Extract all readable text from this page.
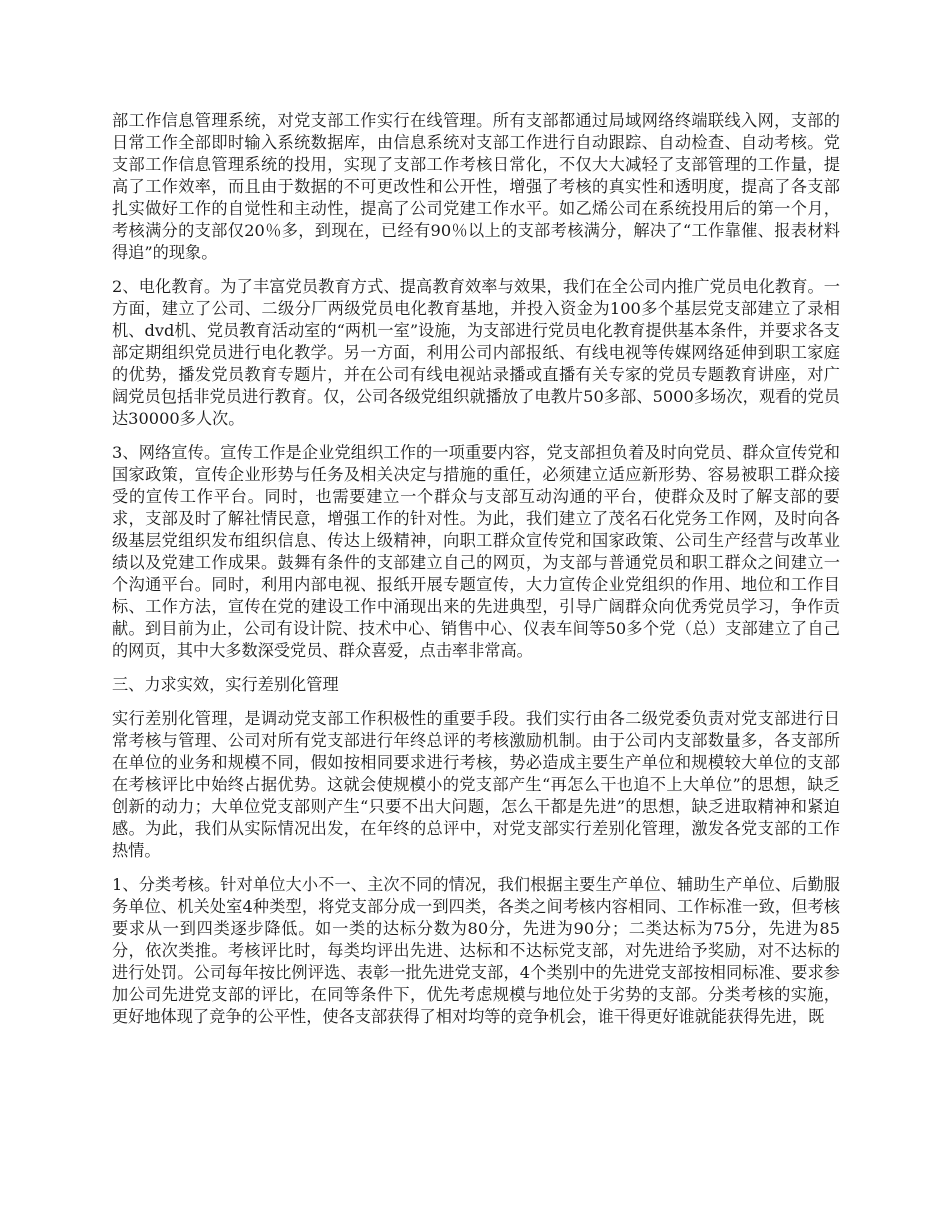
部工作信息管理系统，对党支部工作实行在线管理。所有支部都通过局域网络终端联线入网，支部的日常工作全部即时输入系统数据库，由信息系统对支部工作进行自动跟踪、自动检查、自动考核。党支部工作信息管理系统的投用，实现了支部工作考核日常化，不仅大大减轻了支部管理的工作量，提高了工作效率，而且由于数据的不可更改性和公开性，增强了考核的真实性和透明度，提高了各支部扎实做好工作的自觉性和主动性，提高了公司党建工作水平。如乙烯公司在系统投用后的第一个月，考核满分的支部仅20％多，到现在，已经有90％以上的支部考核满分，解决了“工作靠催、报表材料得追”的现象。

2、电化教育。为了丰富党员教育方式、提高教育效率与效果，我们在全公司内推广党员电化教育。一方面，建立了公司、二级分厂两级党员电化教育基地，并投入资金为100多个基层党支部建立了录相机、dvd机、党员教育活动室的“两机一室”设施，为支部进行党员电化教育提供基本条件，并要求各支部定期组织党员进行电化教学。另一方面，利用公司内部报纸、有线电视等传媒网络延伸到职工家庭的优势，播发党员教育专题片，并在公司有线电视站录播或直播有关专家的党员专题教育讲座，对广阔党员包括非党员进行教育。仅，公司各级党组织就播放了电教片50多部、5000多场次，观看的党员达30000多人次。

3、网络宣传。宣传工作是企业党组织工作的一项重要内容，党支部担负着及时向党员、群众宣传党和国家政策，宣传企业形势与任务及相关决定与措施的重任，必须建立适应新形势、容易被职工群众接受的宣传工作平台。同时，也需要建立一个群众与支部互动沟通的平台，使群众及时了解支部的要求，支部及时了解社情民意，增强工作的针对性。为此，我们建立了茂名石化党务工作网，及时向各级基层党组织发布组织信息、传达上级精神，向职工群众宣传党和国家政策、公司生产经营与改革业绩以及党建工作成果。鼓舞有条件的支部建立自己的网页，为支部与普通党员和职工群众之间建立一个沟通平台。同时，利用内部电视、报纸开展专题宣传，大力宣传企业党组织的作用、地位和工作目标、工作方法，宣传在党的建设工作中涌现出来的先进典型，引导广阔群众向优秀党员学习，争作贡献。到目前为止，公司有设计院、技术中心、销售中心、仪表车间等50多个党（总）支部建立了自己的网页，其中大多数深受党员、群众喜爱，点击率非常高。

三、力求实效，实行差别化管理

实行差别化管理，是调动党支部工作积极性的重要手段。我们实行由各二级党委负责对党支部进行日常考核与管理、公司对所有党支部进行年终总评的考核激励机制。由于公司内支部数量多，各支部所在单位的业务和规模不同，假如按相同要求进行考核，势必造成主要生产单位和规模较大单位的支部在考核评比中始终占据优势。这就会使规模小的党支部产生“再怎么干也追不上大单位”的思想，缺乏创新的动力；大单位党支部则产生“只要不出大问题，怎么干都是先进”的思想，缺乏进取精神和紧迫感。为此，我们从实际情况出发，在年终的总评中，对党支部实行差别化管理，激发各党支部的工作热情。

1、分类考核。针对单位大小不一、主次不同的情况，我们根据主要生产单位、辅助生产单位、后勤服务单位、机关处室4种类型，将党支部分成一到四类，各类之间考核内容相同、工作标准一致，但考核要求从一到四类逐步降低。如一类的达标分数为80分，先进为90分；二类达标为75分，先进为85分，依次类推。考核评比时，每类均评出先进、达标和不达标党支部，对先进给予奖励，对不达标的进行处罚。公司每年按比例评选、表彰一批先进党支部，4个类别中的先进党支部按相同标准、要求参加公司先进党支部的评比，在同等条件下，优先考虑规模与地位处于劣势的支部。分类考核的实施，更好地体现了竞争的公平性，使各支部获得了相对均等的竞争机会，谁干得更好谁就能获得先进，既
